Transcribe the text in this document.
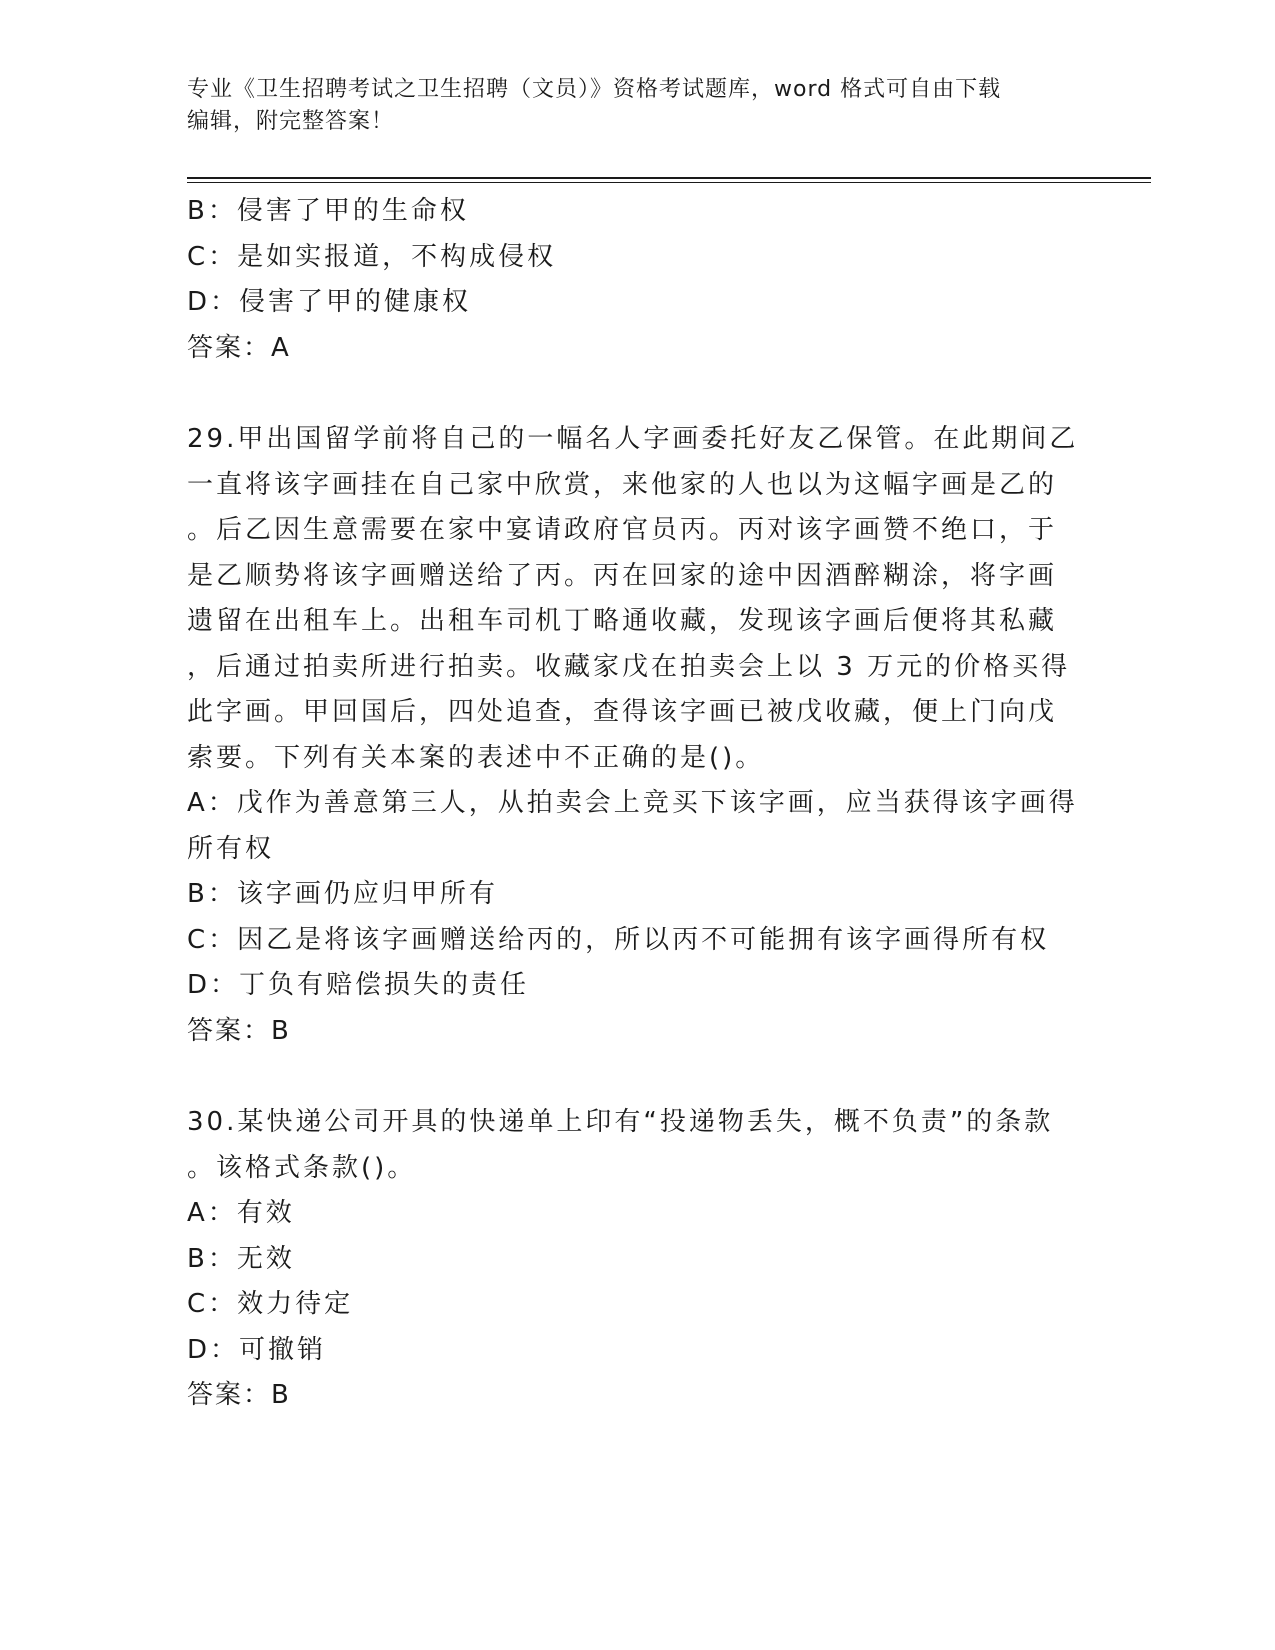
专业《卫生招聘考试之卫生招聘（文员）》资格考试题库，word 格式可自由下载
编辑，附完整答案！
B：侵害了甲的生命权
C：是如实报道，不构成侵权
D：侵害了甲的健康权
答案：A
29.甲出国留学前将自己的一幅名人字画委托好友乙保管。在此期间乙
一直将该字画挂在自己家中欣赏，来他家的人也以为这幅字画是乙的
。后乙因生意需要在家中宴请政府官员丙。丙对该字画赞不绝口，于
是乙顺势将该字画赠送给了丙。丙在回家的途中因酒醉糊涂，将字画
遗留在出租车上。出租车司机丁略通收藏，发现该字画后便将其私藏
，后通过拍卖所进行拍卖。收藏家戊在拍卖会上以 3 万元的价格买得
此字画。甲回国后，四处追查，查得该字画已被戊收藏，便上门向戊
索要。下列有关本案的表述中不正确的是()。
A：戊作为善意第三人，从拍卖会上竞买下该字画，应当获得该字画得
所有权
B：该字画仍应归甲所有
C：因乙是将该字画赠送给丙的，所以丙不可能拥有该字画得所有权
D：丁负有赔偿损失的责任
答案：B
30.某快递公司开具的快递单上印有“投递物丢失，概不负责”的条款
。该格式条款()。
A：有效
B：无效
C：效力待定
D：可撤销
答案：B
